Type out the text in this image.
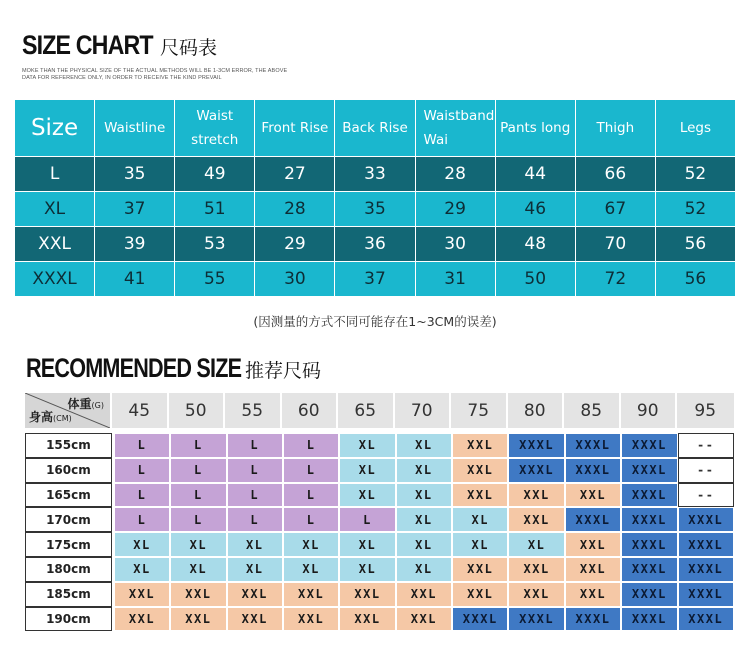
SIZE CHART 尺码表
MOKE THAN THE PHYSICAL SIZE OF THE ACTUAL METHODS WILL BE 1-3CM ERROR, THE ABOVE DATA FOR REFERENCE ONLY, IN ORDER TO RECEIVE THE KIND PREVAIL
Size	Waistline	Waist stretch	Front Rise	Back Rise	Waistband Wai	Pants long	Thigh	Legs
L	35	49	27	33	28	44	66	52
XL	37	51	28	35	29	46	67	52
XXL	39	53	29	36	30	48	70	56
XXXL	41	55	30	37	31	50	72	56
(因测量的方式不同可能存在1~3CM的误差)
RECOMMENDED SIZE 推荐尺码
体重(G)
身高(CM)	45	50	55	60	65	70	75	80	85	90	95
155cm	L	L	L	L	XL	XL	XXL	XXXL	XXXL	XXXL	--
160cm	L	L	L	L	XL	XL	XXL	XXXL	XXXL	XXXL	--
165cm	L	L	L	L	XL	XL	XXL	XXL	XXL	XXXL	--
170cm	L	L	L	L	L	XL	XL	XXL	XXXL	XXXL	XXXL
175cm	XL	XL	XL	XL	XL	XL	XL	XL	XXL	XXXL	XXXL
180cm	XL	XL	XL	XL	XL	XL	XXL	XXL	XXL	XXXL	XXXL
185cm	XXL	XXL	XXL	XXL	XXL	XXL	XXL	XXL	XXL	XXXL	XXXL
190cm	XXL	XXL	XXL	XXL	XXL	XXL	XXXL	XXXL	XXXL	XXXL	XXXL
